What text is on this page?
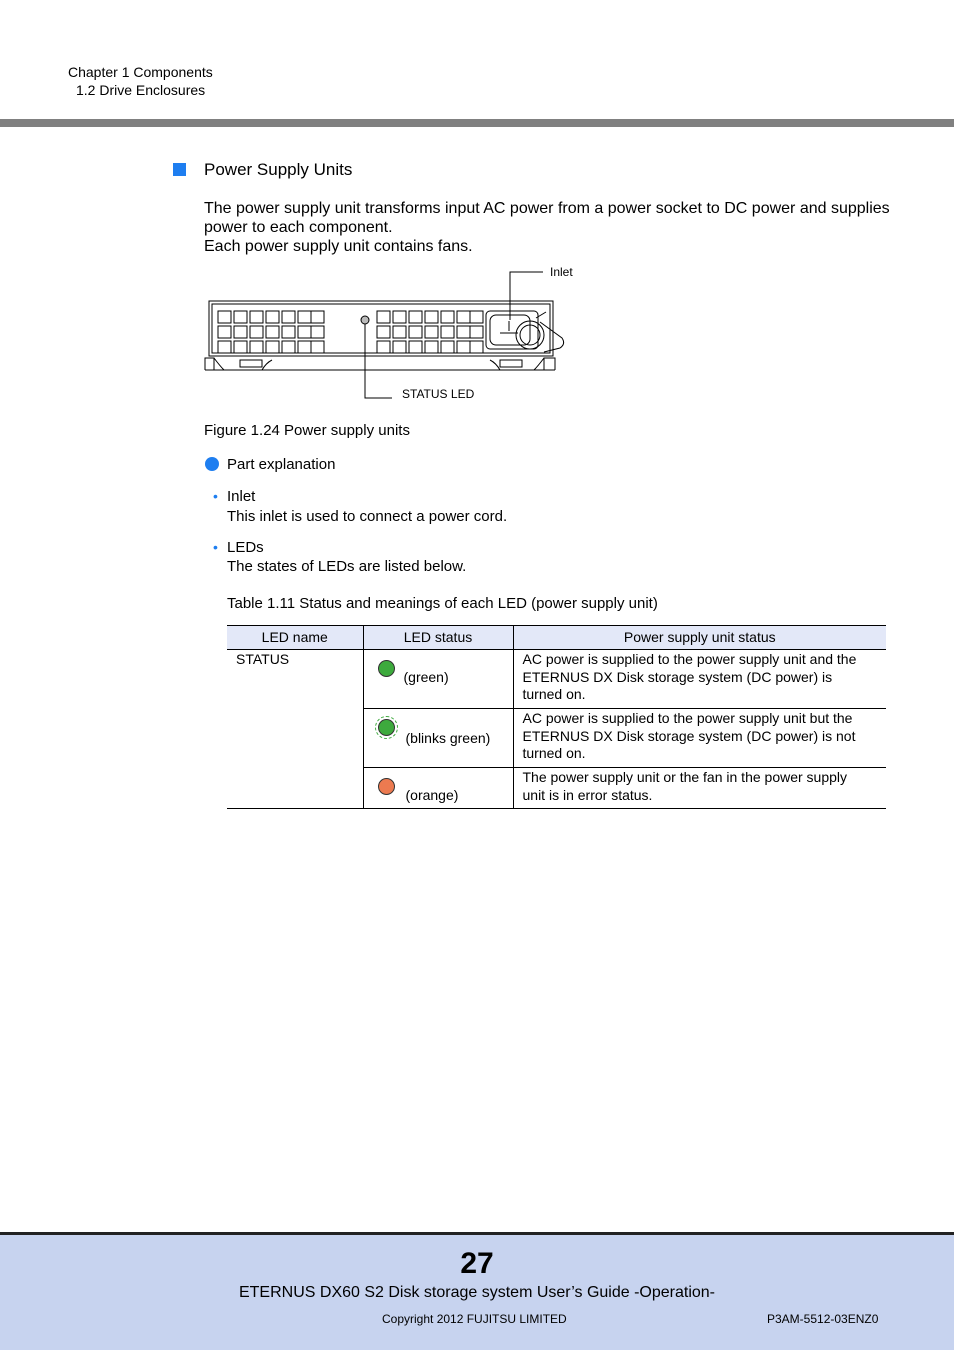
Chapter 1 Components
1.2 Drive Enclosures
Power Supply Units
The power supply unit transforms input AC power from a power socket to DC power and supplies
power to each component.
Each power supply unit contains fans.
Inlet
STATUS LED
Figure 1.24 Power supply units
Part explanation
• Inlet
This inlet is used to connect a power cord.
• LEDs
The states of LEDs are listed below.
Table 1.11 Status and meanings of each LED (power supply unit)
LED name	LED status	Power supply unit status
STATUS	(green)	AC power is supplied to the power supply unit and the
ETERNUS DX Disk storage system (DC power) is
turned on.

	(blinks green)	AC power is supplied to the power supply unit but the
ETERNUS DX Disk storage system (DC power) is not
turned on.

	(orange)	The power supply unit or the fan in the power supply
unit is in error status.
27
ETERNUS DX60 S2 Disk storage system User’s Guide -Operation-
Copyright 2012 FUJITSU LIMITED	P3AM-5512-03ENZ0
